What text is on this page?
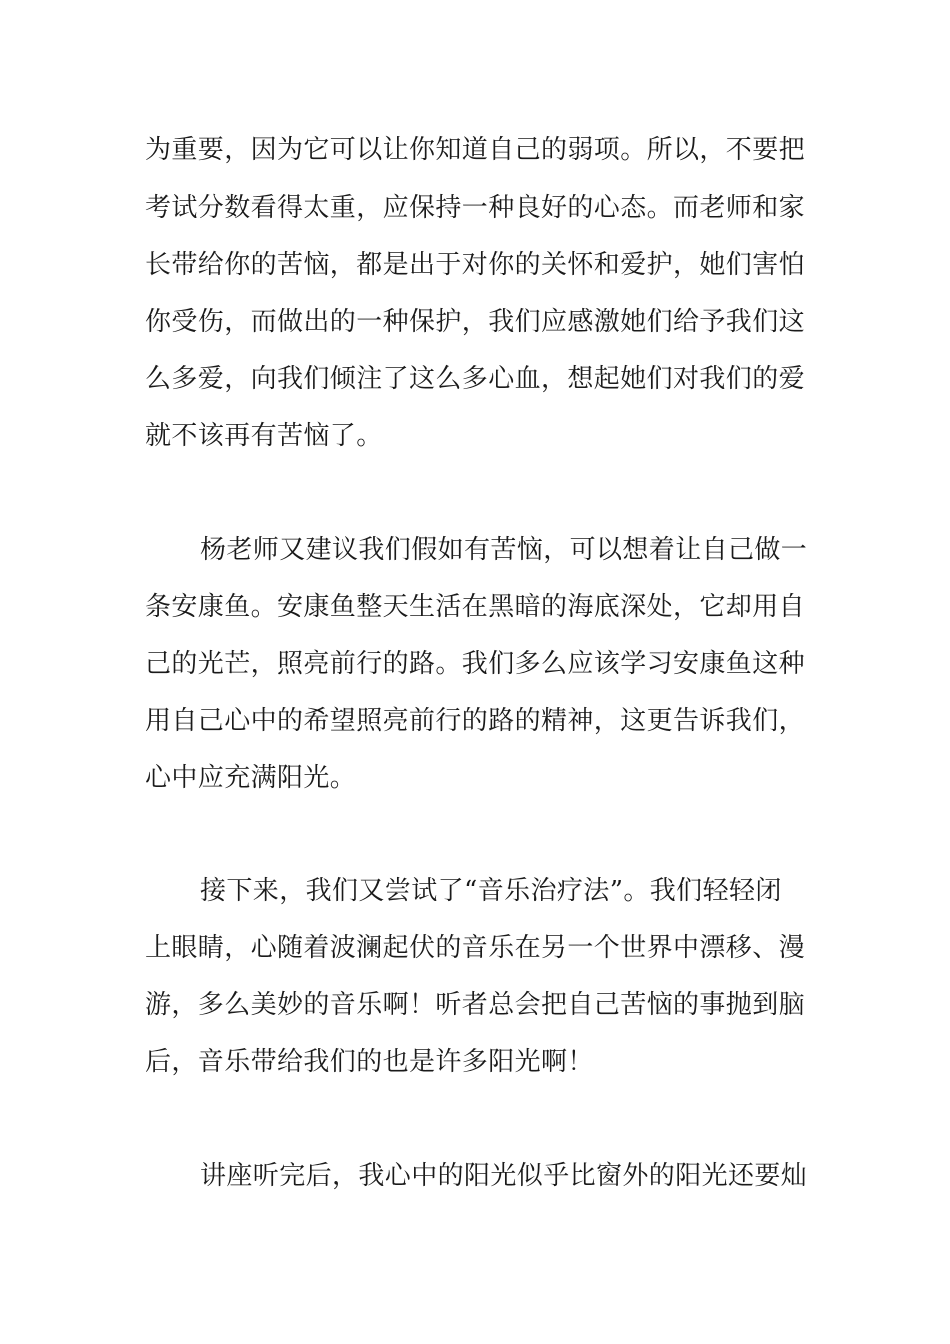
为重要，因为它可以让你知道自己的弱项。所以，不要把
考试分数看得太重，应保持一种良好的心态。而老师和家
长带给你的苦恼，都是出于对你的关怀和爱护，她们害怕
你受伤，而做出的一种保护，我们应感激她们给予我们这
么多爱，向我们倾注了这么多心血，想起她们对我们的爱
就不该再有苦恼了。
杨老师又建议我们假如有苦恼，可以想着让自己做一
条安康鱼。安康鱼整天生活在黑暗的海底深处，它却用自
己的光芒，照亮前行的路。我们多么应该学习安康鱼这种
用自己心中的希望照亮前行的路的精神，这更告诉我们，
心中应充满阳光。
接下来，我们又尝试了“音乐治疗法”。我们轻轻闭
上眼睛，心随着波澜起伏的音乐在另一个世界中漂移、漫
游，多么美妙的音乐啊！听者总会把自己苦恼的事抛到脑
后，音乐带给我们的也是许多阳光啊！
讲座听完后，我心中的阳光似乎比窗外的阳光还要灿
